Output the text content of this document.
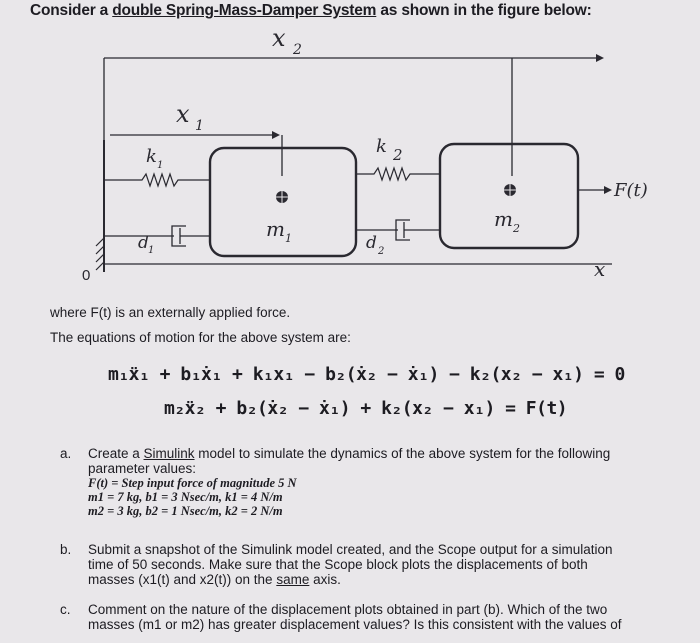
Consider a double Spring-Mass-Damper System as shown in the figure below:
x 2
x 1
0	x
k 1
d 1
m 1
k 2
d 2
m 2
F(t)
where F(t) is an externally applied force.
The equations of motion for the above system are:
m₁ẍ₁ + b₁ẋ₁ + k₁x₁ − b₂(ẋ₂ − ẋ₁) − k₂(x₂ − x₁) = 0
m₂ẍ₂ + b₂(ẋ₂ − ẋ₁) + k₂(x₂ − x₁) = F(t)
a. Create a Simulink model to simulate the dynamics of the above system for the following
parameter values:
F(t) = Step input force of magnitude 5 N
m1 = 7 kg, b1 = 3 Nsec/m, k1 = 4 N/m
m2 = 3 kg, b2 = 1 Nsec/m, k2 = 2 N/m
b. Submit a snapshot of the Simulink model created, and the Scope output for a simulation
time of 50 seconds. Make sure that the Scope block plots the displacements of both
masses (x1(t) and x2(t)) on the same axis.
c. Comment on the nature of the displacement plots obtained in part (b). Which of the two
masses (m1 or m2) has greater displacement values? Is this consistent with the values of
